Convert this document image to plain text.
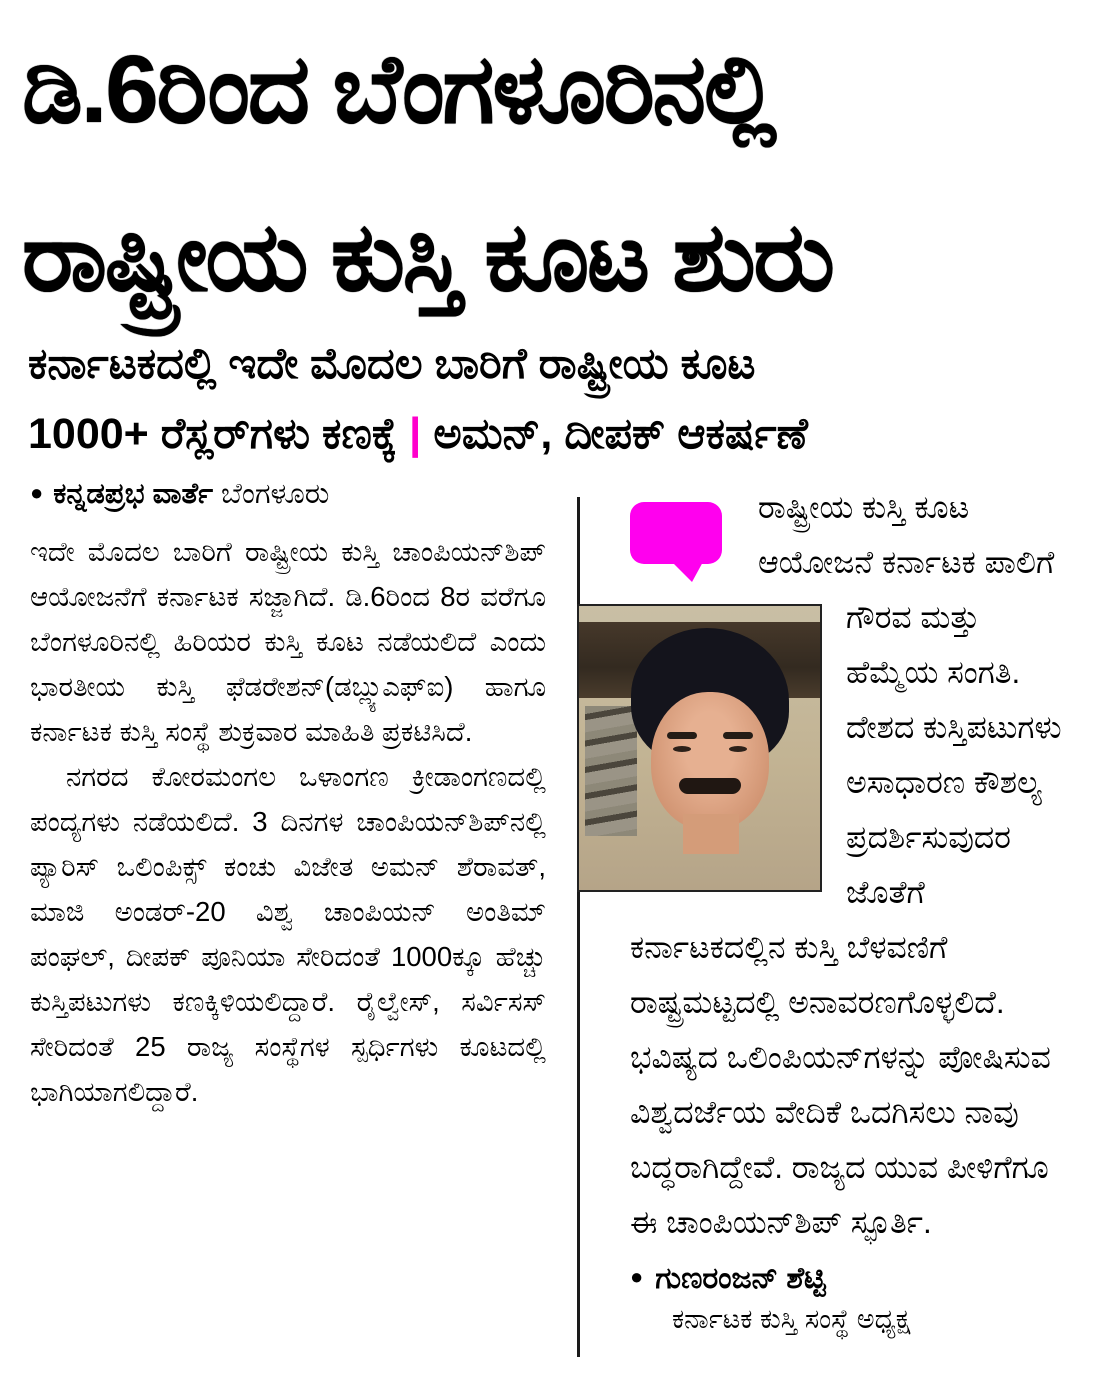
ಡಿ.6ರಿಂದ ಬೆಂಗಳೂರಿನಲ್ಲಿ
ರಾಷ್ಟ್ರೀಯ ಕುಸ್ತಿ ಕೂಟ ಶುರು
ಕರ್ನಾಟಕದಲ್ಲಿ ಇದೇ ಮೊದಲ ಬಾರಿಗೆ ರಾಷ್ಟ್ರೀಯ ಕೂಟ
1000+ ರೆಸ್ಲರ್‌ಗಳು ಕಣಕ್ಕೆ | ಅಮನ್, ದೀಪಕ್ ಆಕರ್ಷಣೆ
● ಕನ್ನಡಪ್ರಭ ವಾರ್ತೆ ಬೆಂಗಳೂರು

ಇದೇ ಮೊದಲ ಬಾರಿಗೆ ರಾಷ್ಟ್ರೀಯ ಕುಸ್ತಿ ಚಾಂಪಿಯನ್‌ಶಿಪ್ ಆಯೋಜನೆಗೆ ಕರ್ನಾಟಕ ಸಜ್ಜಾಗಿದೆ. ಡಿ.6ರಿಂದ 8ರ ವರೆಗೂ ಬೆಂಗಳೂರಿನಲ್ಲಿ ಹಿರಿಯರ ಕುಸ್ತಿ ಕೂಟ ನಡೆಯಲಿದೆ ಎಂದು ಭಾರತೀಯ ಕುಸ್ತಿ ಫೆಡರೇಶನ್(ಡಬ್ಲ್ಯುಎಫ್‌ಐ) ಹಾಗೂ ಕರ್ನಾಟಕ ಕುಸ್ತಿ ಸಂಸ್ಥೆ ಶುಕ್ರವಾರ ಮಾಹಿತಿ ಪ್ರಕಟಿಸಿದೆ.

ನಗರದ ಕೋರಮಂಗಲ ಒಳಾಂಗಣ ಕ್ರೀಡಾಂಗಣದಲ್ಲಿ ಪಂದ್ಯಗಳು ನಡೆಯಲಿದೆ. 3 ದಿನಗಳ ಚಾಂಪಿಯನ್‌ಶಿಪ್‌ನಲ್ಲಿ ಪ್ಯಾರಿಸ್ ಒಲಿಂಪಿಕ್ಸ್ ಕಂಚು ವಿಜೇತ ಅಮನ್ ಶೆರಾವತ್, ಮಾಜಿ ಅಂಡರ್-20 ವಿಶ್ವ ಚಾಂಪಿಯನ್ ಅಂತಿಮ್ ಪಂಘಲ್, ದೀಪಕ್ ಪೂನಿಯಾ ಸೇರಿದಂತೆ 1000ಕ್ಕೂ ಹೆಚ್ಚು ಕುಸ್ತಿಪಟುಗಳು ಕಣಕ್ಕಿಳಿಯಲಿದ್ದಾರೆ. ರೈಲ್ವೇಸ್, ಸರ್ವಿಸಸ್ ಸೇರಿದಂತೆ 25 ರಾಜ್ಯ ಸಂಸ್ಥೆಗಳ ಸ್ಪರ್ಧಿಗಳು ಕೂಟದಲ್ಲಿ ಭಾಗಿಯಾಗಲಿದ್ದಾರೆ.

ರಾಷ್ಟ್ರೀಯ ಕುಸ್ತಿ ಕೂಟ ಆಯೋಜನೆ ಕರ್ನಾಟಕ ಪಾಲಿಗೆ ಗೌರವ ಮತ್ತು ಹೆಮ್ಮೆಯ ಸಂಗತಿ. ದೇಶದ ಕುಸ್ತಿಪಟುಗಳು ಅಸಾಧಾರಣ ಕೌಶಲ್ಯ ಪ್ರದರ್ಶಿಸುವುದರ ಜೊತೆಗೆ ಕರ್ನಾಟಕದಲ್ಲಿನ ಕುಸ್ತಿ ಬೆಳವಣಿಗೆ ರಾಷ್ಟ್ರಮಟ್ಟದಲ್ಲಿ ಅನಾವರಣಗೊಳ್ಳಲಿದೆ. ಭವಿಷ್ಯದ ಒಲಿಂಪಿಯನ್‌ಗಳನ್ನು ಪೋಷಿಸುವ ವಿಶ್ವದರ್ಜೆಯ ವೇದಿಕೆ ಒದಗಿಸಲು ನಾವು ಬದ್ಧರಾಗಿದ್ದೇವೆ. ರಾಜ್ಯದ ಯುವ ಪೀಳಿಗೆಗೂ ಈ ಚಾಂಪಿಯನ್‌ಶಿಪ್ ಸ್ಫೂರ್ತಿ.
● ಗುಣರಂಜನ್ ಶೆಟ್ಟಿ
ಕರ್ನಾಟಕ ಕುಸ್ತಿ ಸಂಸ್ಥೆ ಅಧ್ಯಕ್ಷ
